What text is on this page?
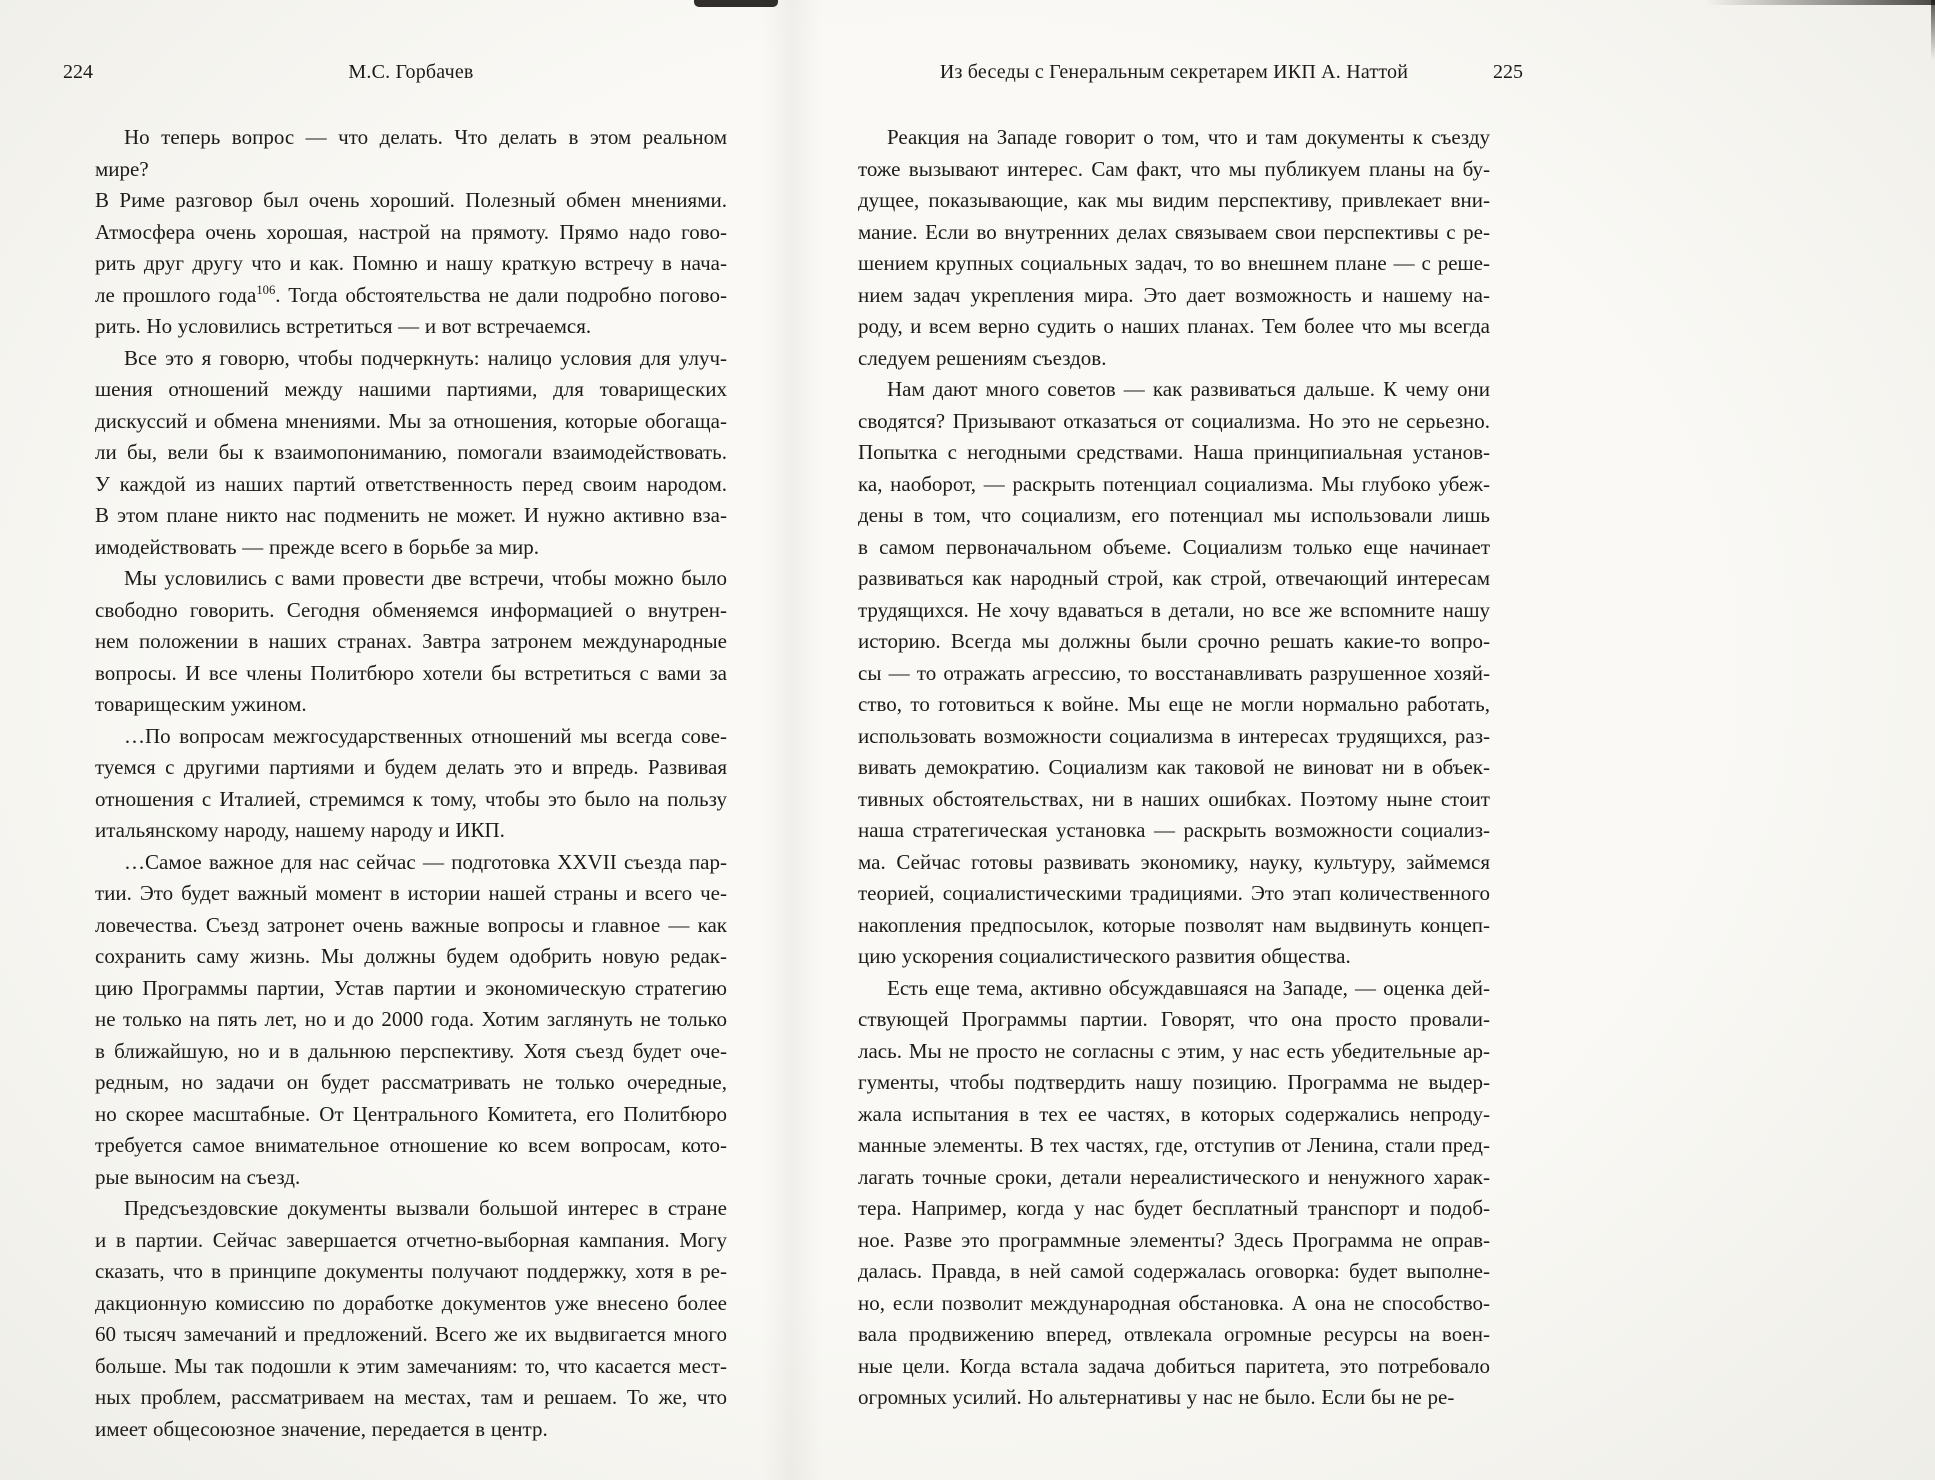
224	М.С. Горбачев
Но теперь вопрос — что делать. Что делать в этом реальном мире?
В Риме разговор был очень хороший. Полезный обмен мнениями.
Атмосфера очень хорошая, настрой на прямоту. Прямо надо гово-
рить друг другу что и как. Помню и нашу краткую встречу в нача-
ле прошлого года$^{106}$. Тогда обстоятельства не дали подробно погово-
рить. Но условились встретиться — и вот встречаемся.
Все это я говорю, чтобы подчеркнуть: налицо условия для улуч-
шения отношений между нашими партиями, для товарищеских
дискуссий и обмена мнениями. Мы за отношения, которые обогаща-
ли бы, вели бы к взаимопониманию, помогали взаимодействовать.
У каждой из наших партий ответственность перед своим народом.
В этом плане никто нас подменить не может. И нужно активно вза-
имодействовать — прежде всего в борьбе за мир.
Мы условились с вами провести две встречи, чтобы можно было
свободно говорить. Сегодня обменяемся информацией о внутрен-
нем положении в наших странах. Завтра затронем международные
вопросы. И все члены Политбюро хотели бы встретиться с вами за
товарищеским ужином.
…По вопросам межгосударственных отношений мы всегда сове-
туемся с другими партиями и будем делать это и впредь. Развивая
отношения с Италией, стремимся к тому, чтобы это было на пользу
итальянскому народу, нашему народу и ИКП.
…Самое важное для нас сейчас — подготовка XXVII съезда пар-
тии. Это будет важный момент в истории нашей страны и всего че-
ловечества. Съезд затронет очень важные вопросы и главное — как
сохранить саму жизнь. Мы должны будем одобрить новую редак-
цию Программы партии, Устав партии и экономическую стратегию
не только на пять лет, но и до 2000 года. Хотим заглянуть не только
в ближайшую, но и в дальнюю перспективу. Хотя съезд будет оче-
редным, но задачи он будет рассматривать не только очередные,
но скорее масштабные. От Центрального Комитета, его Политбюро
требуется самое внимательное отношение ко всем вопросам, кото-
рые выносим на съезд.
Предсъездовские документы вызвали большой интерес в стране
и в партии. Сейчас завершается отчетно-выборная кампания. Могу
сказать, что в принципе документы получают поддержку, хотя в ре-
дакционную комиссию по доработке документов уже внесено более
60 тысяч замечаний и предложений. Всего же их выдвигается много
больше. Мы так подошли к этим замечаниям: то, что касается мест-
ных проблем, рассматриваем на местах, там и решаем. То же, что
имеет общесоюзное значение, передается в центр.
Из беседы с Генеральным секретарем ИКП А. Наттой	225
Реакция на Западе говорит о том, что и там документы к съезду
тоже вызывают интерес. Сам факт, что мы публикуем планы на бу-
дущее, показывающие, как мы видим перспективу, привлекает вни-
мание. Если во внутренних делах связываем свои перспективы с ре-
шением крупных социальных задач, то во внешнем плане — с реше-
нием задач укрепления мира. Это дает возможность и нашему на-
роду, и всем верно судить о наших планах. Тем более что мы всегда
следуем решениям съездов.
Нам дают много советов — как развиваться дальше. К чему они
сводятся? Призывают отказаться от социализма. Но это не серьезно.
Попытка с негодными средствами. Наша принципиальная установ-
ка, наоборот, — раскрыть потенциал социализма. Мы глубоко убеж-
дены в том, что социализм, его потенциал мы использовали лишь
в самом первоначальном объеме. Социализм только еще начинает
развиваться как народный строй, как строй, отвечающий интересам
трудящихся. Не хочу вдаваться в детали, но все же вспомните нашу
историю. Всегда мы должны были срочно решать какие-то вопро-
сы — то отражать агрессию, то восстанавливать разрушенное хозяй-
ство, то готовиться к войне. Мы еще не могли нормально работать,
использовать возможности социализма в интересах трудящихся, раз-
вивать демократию. Социализм как таковой не виноват ни в объек-
тивных обстоятельствах, ни в наших ошибках. Поэтому ныне стоит
наша стратегическая установка — раскрыть возможности социализ-
ма. Сейчас готовы развивать экономику, науку, культуру, займемся
теорией, социалистическими традициями. Это этап количественного
накопления предпосылок, которые позволят нам выдвинуть концеп-
цию ускорения социалистического развития общества.
Есть еще тема, активно обсуждавшаяся на Западе, — оценка дей-
ствующей Программы партии. Говорят, что она просто провали-
лась. Мы не просто не согласны с этим, у нас есть убедительные ар-
гументы, чтобы подтвердить нашу позицию. Программа не выдер-
жала испытания в тех ее частях, в которых содержались непроду-
манные элементы. В тех частях, где, отступив от Ленина, стали пред-
лагать точные сроки, детали нереалистического и ненужного харак-
тера. Например, когда у нас будет бесплатный транспорт и подоб-
ное. Разве это программные элементы? Здесь Программа не оправ-
далась. Правда, в ней самой содержалась оговорка: будет выполне-
но, если позволит международная обстановка. А она не способство-
вала продвижению вперед, отвлекала огромные ресурсы на воен-
ные цели. Когда встала задача добиться паритета, это потребовало
огромных усилий. Но альтернативы у нас не было. Если бы не ре-
